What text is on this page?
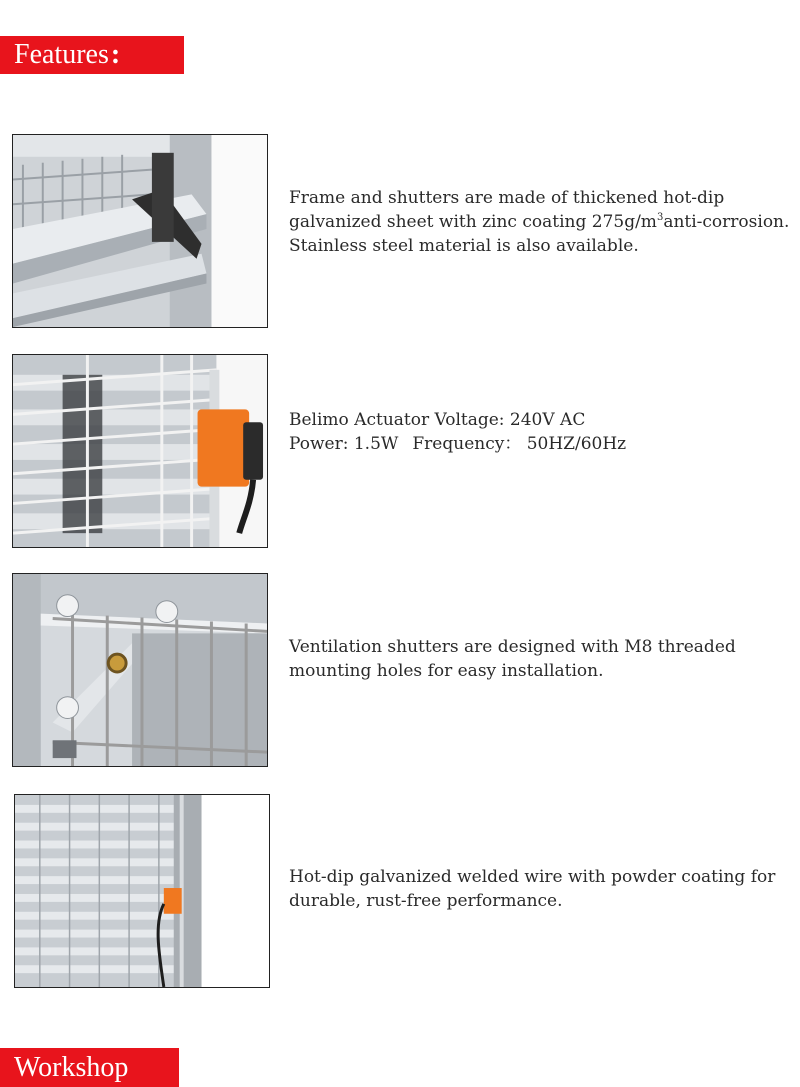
Features :

Frame and shutters are made of thickened hot-dip

galvanized sheet with zinc coating $275g/m^3anti$-corrosion.

Stainless steel material is also available.

Belimo Actuator Voltage: 240V AC

Power: 1.5W Frequency： 50HZ/60Hz

Ventilation shutters are designed with M8 threaded

mounting holes for easy installation.

Hot-dip galvanized welded wire with powder coating for

durable, rust-free performance.

Workshop
